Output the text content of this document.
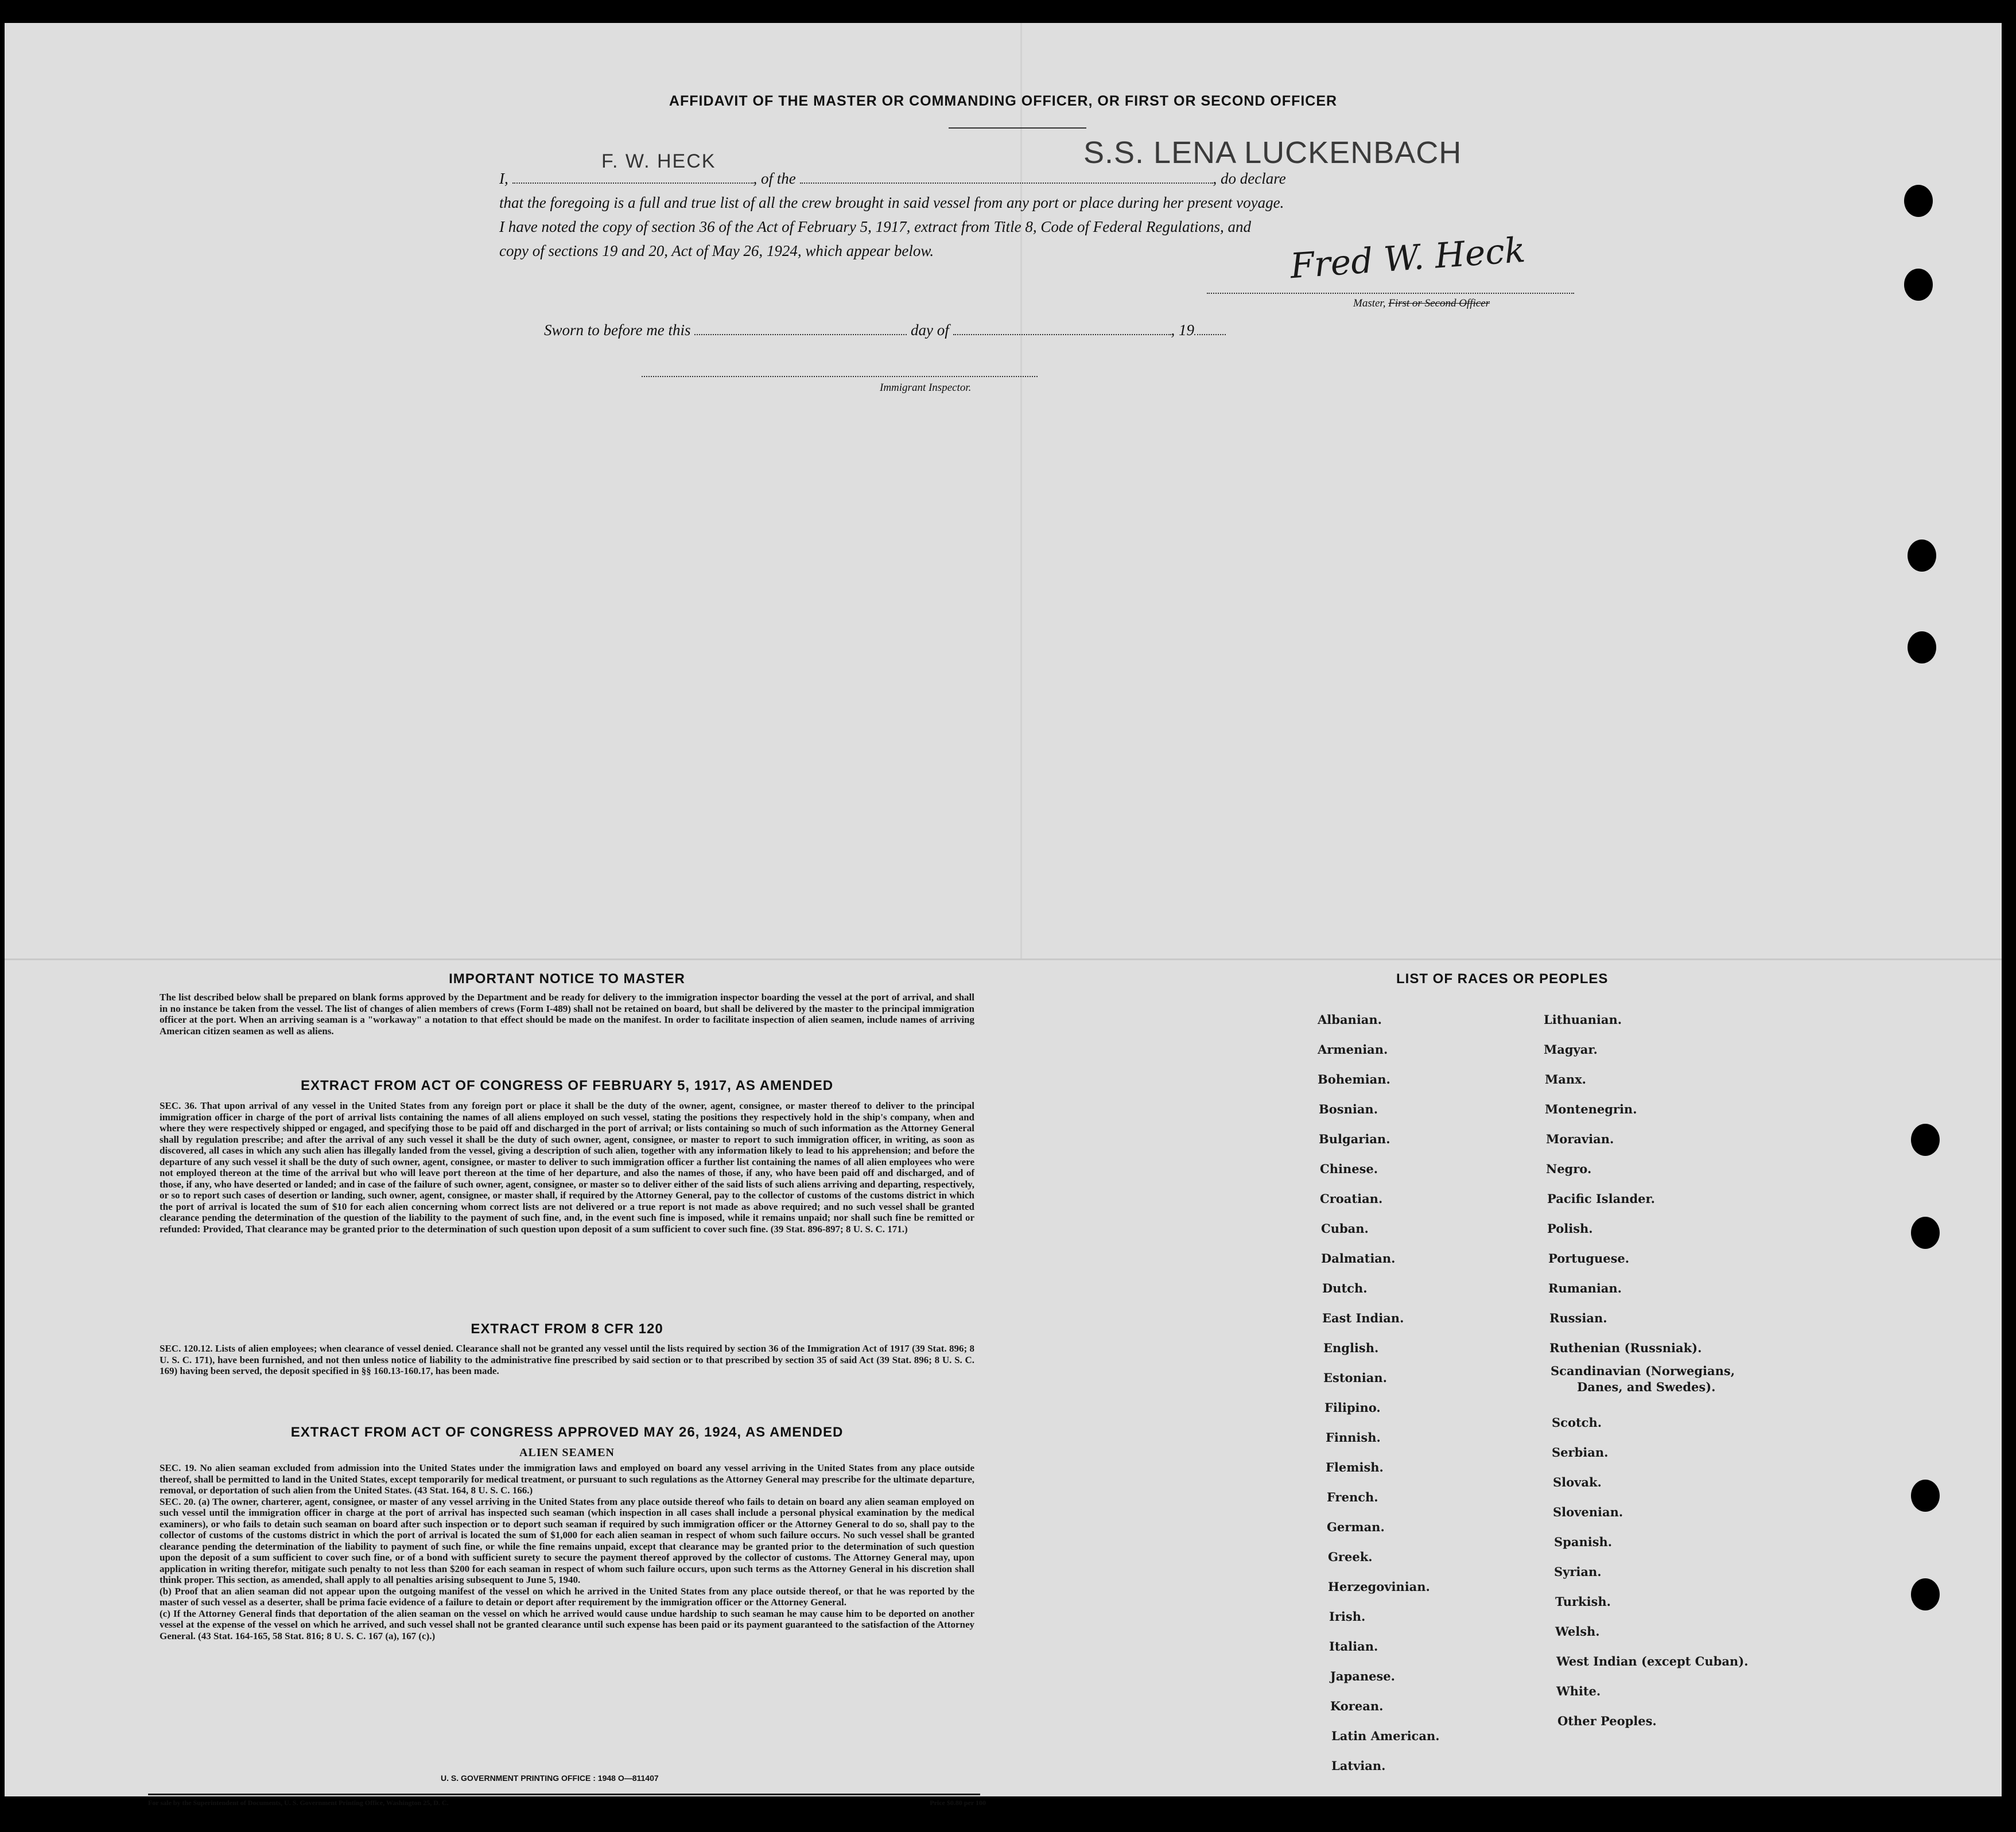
AFFIDAVIT OF THE MASTER OR COMMANDING OFFICER, OR FIRST OR SECOND OFFICER
I,	, of the	, do declare
that the foregoing is a full and true list of all the crew brought in said vessel from any port or place during her present voyage.
I have noted the copy of section 36 of the Act of February 5, 1917, extract from Title 8, Code of Federal Regulations, and
copy of sections 19 and 20, Act of May 26, 1924, which appear below.
F. W. HECK	S.S. LENA LUCKENBACH
Fred W. Heck
Master, First or Second Officer
Sworn to before me this	day of	, 19
Immigrant Inspector.
IMPORTANT NOTICE TO MASTER
The list described below shall be prepared on blank forms approved by the Department and be ready for delivery to the immigration inspector boarding the vessel at the port of arrival, and shall in no instance be taken from the vessel. The list of changes of alien members of crews (Form I-489) shall not be retained on board, but shall be delivered by the master to the principal immigration officer at the port. When an arriving seaman is a "workaway" a notation to that effect should be made on the manifest. In order to facilitate inspection of alien seamen, include names of arriving American citizen seamen as well as aliens.
EXTRACT FROM ACT OF CONGRESS OF FEBRUARY 5, 1917, AS AMENDED
SEC. 36. That upon arrival of any vessel in the United States from any foreign port or place it shall be the duty of the owner, agent, consignee, or master thereof to deliver to the principal immigration officer in charge of the port of arrival lists containing the names of all aliens employed on such vessel, stating the positions they respectively hold in the ship's company, when and where they were respectively shipped or engaged, and specifying those to be paid off and discharged in the port of arrival; or lists containing so much of such information as the Attorney General shall by regulation prescribe; and after the arrival of any such vessel it shall be the duty of such owner, agent, consignee, or master to report to such immigration officer, in writing, as soon as discovered, all cases in which any such alien has illegally landed from the vessel, giving a description of such alien, together with any information likely to lead to his apprehension; and before the departure of any such vessel it shall be the duty of such owner, agent, consignee, or master to deliver to such immigration officer a further list containing the names of all alien employees who were not employed thereon at the time of the arrival but who will leave port thereon at the time of her departure, and also the names of those, if any, who have been paid off and discharged, and of those, if any, who have deserted or landed; and in case of the failure of such owner, agent, consignee, or master so to deliver either of the said lists of such aliens arriving and departing, respectively, or so to report such cases of desertion or landing, such owner, agent, consignee, or master shall, if required by the Attorney General, pay to the collector of customs of the customs district in which the port of arrival is located the sum of $10 for each alien concerning whom correct lists are not delivered or a true report is not made as above required; and no such vessel shall be granted clearance pending the determination of the question of the liability to the payment of such fine, and, in the event such fine is imposed, while it remains unpaid; nor shall such fine be remitted or refunded: Provided, That clearance may be granted prior to the determination of such question upon deposit of a sum sufficient to cover such fine. (39 Stat. 896-897; 8 U. S. C. 171.)
EXTRACT FROM 8 CFR 120
SEC. 120.12. Lists of alien employees; when clearance of vessel denied. Clearance shall not be granted any vessel until the lists required by section 36 of the Immigration Act of 1917 (39 Stat. 896; 8 U. S. C. 171), have been furnished, and not then unless notice of liability to the administrative fine prescribed by said section or to that prescribed by section 35 of said Act (39 Stat. 896; 8 U. S. C. 169) having been served, the deposit specified in §§ 160.13-160.17, has been made.
EXTRACT FROM ACT OF CONGRESS APPROVED MAY 26, 1924, AS AMENDED
ALIEN SEAMEN
SEC. 19. No alien seaman excluded from admission into the United States under the immigration laws and employed on board any vessel arriving in the United States from any place outside thereof, shall be permitted to land in the United States, except temporarily for medical treatment, or pursuant to such regulations as the Attorney General may prescribe for the ultimate departure, removal, or deportation of such alien from the United States. (43 Stat. 164, 8 U. S. C. 166.)
SEC. 20. (a) The owner, charterer, agent, consignee, or master of any vessel arriving in the United States from any place outside thereof who fails to detain on board any alien seaman employed on such vessel until the immigration officer in charge at the port of arrival has inspected such seaman (which inspection in all cases shall include a personal physical examination by the medical examiners), or who fails to detain such seaman on board after such inspection or to deport such seaman if required by such immigration officer or the Attorney General to do so, shall pay to the collector of customs of the customs district in which the port of arrival is located the sum of $1,000 for each alien seaman in respect of whom such failure occurs. No such vessel shall be granted clearance pending the determination of the liability to payment of such fine, or while the fine remains unpaid, except that clearance may be granted prior to the determination of such question upon the deposit of a sum sufficient to cover such fine, or of a bond with sufficient surety to secure the payment thereof approved by the collector of customs. The Attorney General may, upon application in writing therefor, mitigate such penalty to not less than $200 for each seaman in respect of whom such failure occurs, upon such terms as the Attorney General in his discretion shall think proper. This section, as amended, shall apply to all penalties arising subsequent to June 5, 1940.
(b) Proof that an alien seaman did not appear upon the outgoing manifest of the vessel on which he arrived in the United States from any place outside thereof, or that he was reported by the master of such vessel as a deserter, shall be prima facie evidence of a failure to detain or deport after requirement by the immigration officer or the Attorney General.
(c) If the Attorney General finds that deportation of the alien seaman on the vessel on which he arrived would cause undue hardship to such seaman he may cause him to be deported on another vessel at the expense of the vessel on which he arrived, and such vessel shall not be granted clearance until such expense has been paid or its payment guaranteed to the satisfaction of the Attorney General. (43 Stat. 164-165, 58 Stat. 816; 8 U. S. C. 167 (a), 167 (c).)
U. S. GOVERNMENT PRINTING OFFICE : 1948 O—811407
For sale by the Superintendent of Documents, U. S. Government Printing Office, Washington 25, D. C.	Price $0.80 per 100
LIST OF RACES OR PEOPLES
Albanian.
Armenian.
Bohemian.
Bosnian.
Bulgarian.
Chinese.
Croatian.
Cuban.
Dalmatian.
Dutch.
East Indian.
English.
Estonian.
Filipino.
Finnish.
Flemish.
French.
German.
Greek.
Herzegovinian.
Irish.
Italian.
Japanese.
Korean.
Latin American.
Latvian.
Lithuanian.
Magyar.
Manx.
Montenegrin.
Moravian.
Negro.
Pacific Islander.
Polish.
Portuguese.
Rumanian.
Russian.
Ruthenian (Russniak).
Scandinavian (Norwegians,
Danes, and Swedes).
Scotch.
Serbian.
Slovak.
Slovenian.
Spanish.
Syrian.
Turkish.
Welsh.
West Indian (except Cuban).
White.
Other Peoples.
